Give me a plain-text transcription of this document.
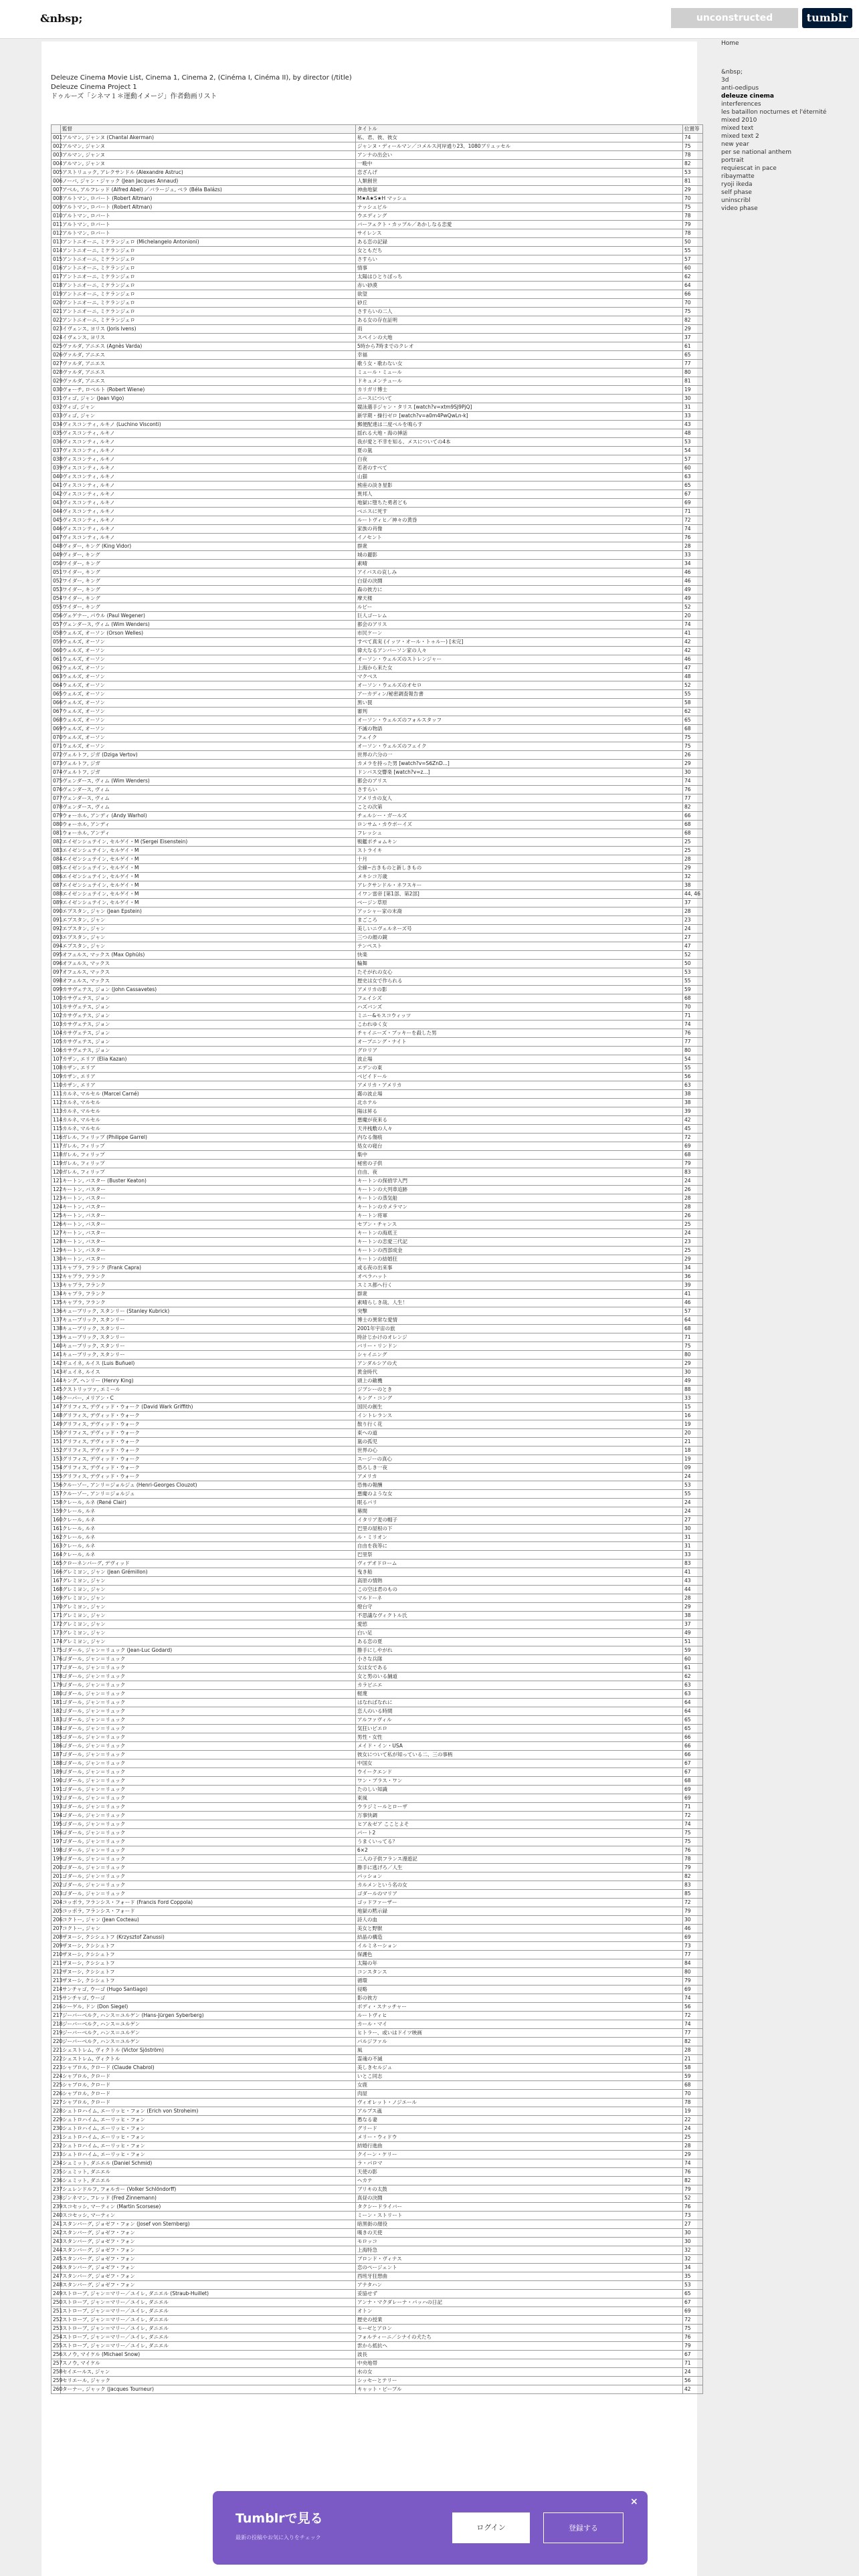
&nbsp;	unconstructed	tumblr
Deleuze Cinema Movie List, Cinema 1, Cinema 2, (Cinéma I, Cinéma II), by director (/title)
Deleuze Cinema Project 1
ドゥルーズ「シネマ１＊運動イメージ」作者動画リスト
	監督	タイトル	位置等
001	アルマン, ジャンヌ (Chantal Akerman)	私、君、彼、彼女	74
002	アルマン, ジャンヌ	ジャンヌ・ディールマン／コメルス河岸通り23、1080ブリュッセル	75
003	アルマン, ジャンヌ	アンナの出会い	78
004	アルマン, ジャンヌ	一晩中	82
005	アストリュック, アレクサンドル (Alexandre Astruc)	恋ざんげ	53
006	ノーバ, ジャン・ジャック (Jean Jacques Annaud)	人類創世	81
007	アベル, アルフレッド (Alfred Abel) ／バラージュ, ベラ (Béla Balázs)	神曲地獄	29
008	アルトマン, ロバート (Robert Altman)	M★A★S★H マッシュ	70
009	アルトマン, ロバート (Robert Altman)	ナッシュビル	75
010	アルトマン, ロバート	ウエディング	78
011	アルトマン, ロバート	バーフェクト・カップル／あかしなる恋愛	79
012	アルトマン, ロバート	サイレンス	78
013	アントニオーニ, ミケランジェロ (Michelangelo Antonioni)	ある恋の記録	50
014	アントニオーニ, ミケランジェロ	女ともだち	55
015	アントニオーニ, ミケランジェロ	さすらい	57
016	アントニオーニ, ミケランジェロ	情事	60
017	アントニオーニ, ミケランジェロ	太陽はひとりぼっち	62
018	アントニオーニ, ミケランジェロ	赤い砂漠	64
019	アントニオーニ, ミケランジェロ	欲望	66
020	アントニオーニ, ミケランジェロ	砂丘	70
021	アントニオーニ, ミケランジェロ	さすらいの二人	75
022	アントニオーニ, ミケランジェロ	ある女の存在証明	82
023	イヴェンス, ヨリス (Joris Ivens)	雨	29
024	イヴェンス, ヨリス	スペインの大地	37
025	ヴァルダ, アニエス (Agnès Varda)	5時から7時までのクレオ	61
026	ヴァルダ, アニエス	幸福	65
027	ヴァルダ, アニエス	歌う女・歌わない女	77
028	ヴァルダ, アニエス	ミュール・ミュール	80
029	ヴァルダ, アニエス	ドキュメンテュール	81
030	ヴォーチ, ロベルト (Robert Wiene)	カリガリ博士	19
031	ヴィゴ, ジャン (Jean Vigo)	ニースについて	30
032	ヴィゴ, ジャン	競泳選手ジャン・タリス [watch?v=xtm9SJ9PjQ]	31
033	ヴィゴ, ジャン	新学期・操行ゼロ [watch?v=a0m4PwQwLn-k]	33
034	ヴィスコンティ, ルキノ (Luchino Visconti)	郵便配達は二度ベルを鳴らす	43
035	ヴィスコンティ, ルキノ	揺れる大地・海の挿話	48
036	ヴィスコンティ, ルキノ	我が愛と不幸を知る、メスについての4本	53
037	ヴィスコンティ, ルキノ	夏の嵐	54
038	ヴィスコンティ, ルキノ	白夜	57
039	ヴィスコンティ, ルキノ	若者のすべて	60
040	ヴィスコンティ, ルキノ	山猫	63
041	ヴィスコンティ, ルキノ	熊座の淡き星影	65
042	ヴィスコンティ, ルキノ	異邦人	67
043	ヴィスコンティ, ルキノ	地獄に堕ちた勇者ども	69
044	ヴィスコンティ, ルキノ	ベニスに死す	71
045	ヴィスコンティ, ルキノ	ルートヴィヒ／神々の黄昏	72
046	ヴィスコンティ, ルキノ	家族の肖像	74
047	ヴィスコンティ, ルキノ	イノセント	76
048	ヴィダー, キング (King Vidor)	群衆	28
049	ヴィダー, キング	城の麗影	33
050	ワイダー, キング	素晴	34
051	ワイダー, キング	アイバスの哀しみ	46
052	ワイダー, キング	白昼の決闘	46
053	ワイダー, キング	森の彼方に	49
054	ワイダー, キング	摩天楼	49
055	ワイダー, キング	ルビー	52
056	ヴェゲナー, パウル (Paul Wegener)	巨人ゴーレム	20
057	ヴェンダース, ヴィム (Wim Wenders)	都会のアリス	74
058	ウェルズ, オーソン (Orson Welles)	市民ケーン	41
059	ウェルズ, オーソン	すべて真実 (イッツ・オール・トゥルー) [未完]	42
060	ウェルズ, オーソン	偉大なるアンバーソン家の人々	42
061	ウェルズ, オーソン	オーソン・ウェルズのストレンジャー	46
062	ウェルズ, オーソン	上海から来た女	47
063	ウェルズ, オーソン	マクベス	48
064	ウェルズ, オーソン	オーソン・ウェルズのオセロ	52
065	ウェルズ, オーソン	アーカディン/秘密調査報告書	55
066	ウェルズ, オーソン	黒い罠	58
067	ウェルズ, オーソン	審判	62
068	ウェルズ, オーソン	オーソン・ウェルズのフォルスタッフ	65
069	ウェルズ, オーソン	不滅の物語	68
070	ウェルズ, オーソン	フェイク	75
071	ウェルズ, オーソン	オーソン・ウェルズのフェイク	75
072	ヴェルトフ, ジガ (Dziga Vertov)	世界の六分の一	26
073	ヴェルトフ, ジガ	カメラを持った男 [watch?v=S6ZnD...]	29
074	ヴェルトフ, ジガ	ドンバス交響楽 [watch?v=z...]	30
075	ヴェンダース, ヴィム (Wim Wenders)	都会のアリス	74
076	ヴェンダース, ヴィム	さすらい	76
077	ヴェンダース, ヴィム	アメリカの友人	77
078	ヴェンダース, ヴィム	ことの次第	82
079	ウォーホル, アンディ (Andy Warhol)	チェルシー・ガールズ	66
080	ウォーホル, アンディ	ロンサム・カウボーイズ	68
081	ウォーホル, アンディ	フレッシュ	68
082	エイゼンシュテイン, セルゲイ・M (Sergei Eisenstein)	戦艦ポチョムキン	25
083	エイゼンシュテイン, セルゲイ・M	ストライキ	25
084	エイゼンシュテイン, セルゲイ・M	十月	28
085	エイゼンシュテイン, セルゲイ・M	全線−古きものと新しきもの	29
086	エイゼンシュテイン, セルゲイ・M	メキシコ万歳	32
087	エイゼンシュテイン, セルゲイ・M	アレクサンドル・ネフスキー	38
088	エイゼンシュテイン, セルゲイ・M	イワン雷帝 [第1部、第2部]	44, 46
089	エイゼンシュテイン, セルゲイ・M	ベージン草原	37
090	エプスタン, ジャン (Jean Epstein)	アッシャー家の末裔	28
091	エプスタン, ジャン	まごころ	23
092	エプスタン, ジャン	美しいニヴェルネーズ号	24
093	エプスタン, ジャン	三つの顔の鏡	27
094	エプスタン, ジャン	テンペスト	47
095	オフュルス, マックス (Max Ophüls)	快楽	52
096	オフュルス, マックス	輪舞	50
097	オフュルス, マックス	たそがれの女心	53
098	オフュルス, マックス	歴史は女で作られる	55
099	カサヴェテス, ジョン (John Cassavetes)	アメリカの影	59
100	カサヴェテス, ジョン	フェイシズ	68
101	カサヴェテス, ジョン	ハズバンズ	70
102	カサヴェテス, ジョン	ミニー&モスコウィッツ	71
103	カサヴェテス, ジョン	こわれゆく女	74
104	カサヴェテス, ジョン	チャイニーズ・ブッキーを殺した男	76
105	カサヴェテス, ジョン	オープニング・ナイト	77
106	カサヴェテス, ジョン	グロリア	80
107	カザン, エリア (Elia Kazan)	波止場	54
108	カザン, エリア	エデンの東	55
109	カザン, エリア	ベビイドール	56
110	カザン, エリア	アメリカ・アメリカ	63
111	カルネ, マルセル (Marcel Carné)	霧の波止場	38
112	カルネ, マルセル	北ホテル	38
113	カルネ, マルセル	陽は昇る	39
114	カルネ, マルセル	悪魔が夜来る	42
115	カルネ, マルセル	天井桟敷の人々	45
116	ガレル, フィリップ (Philippe Garrel)	内なる傷痕	72
117	ガレル, フィリップ	処女の寝台	69
118	ガレル, フィリップ	集中	68
119	ガレル, フィリップ	秘密の子供	79
120	ガレル, フィリップ	自由、夜	83
121	キートン, バスター (Buster Keaton)	キートンの探偵学入門	24
122	キートン, バスター	キートンの大列車追跡	26
123	キートン, バスター	キートンの蒸気船	28
124	キートン, バスター	キートンのカメラマン	28
125	キートン, バスター	キートン将軍	26
126	キートン, バスター	セブン・チャンス	25
127	キートン, バスター	キートンの海底王	24
128	キートン, バスター	キートンの恋愛三代記	23
129	キートン, バスター	キートンの西部成金	25
130	キートン, バスター	キートンの結婚狂	29
131	キャプラ, フランク (Frank Capra)	或る夜の出来事	34
132	キャプラ, フランク	オペラハット	36
133	キャプラ, フランク	スミス都へ行く	39
134	キャプラ, フランク	群衆	41
135	キャプラ, フランク	素晴らしき哉、人生！	46
136	キューブリック, スタンリー (Stanley Kubrick)	突撃	57
137	キューブリック, スタンリー	博士の異常な愛情	64
138	キューブリック, スタンリー	2001年宇宙の旅	68
139	キューブリック, スタンリー	時計じかけのオレンジ	71
140	キューブリック, スタンリー	バリー・リンドン	75
141	キューブリック, スタンリー	シャイニング	80
142	ギュイネ, ルイス (Luis Buñuel)	アンダルシアの犬	29
143	ギュイネ, ルイス	黄金時代	30
144	キング, ヘンリー (Henry King)	頭上の敵機	49
145	クストリッツァ, エミール	ジプシーのとき	88
146	クーパー, メリアン・C	キング・コング	33
147	グリフィス, デヴィッド・ウォーク (David Wark Griffith)	国民の創生	15
148	グリフィス, デヴィッド・ウォーク	イントレランス	16
149	グリフィス, デヴィッド・ウォーク	散り行く花	19
150	グリフィス, デヴィッド・ウォーク	東への道	20
151	グリフィス, デヴィッド・ウォーク	嵐の孤児	21
152	グリフィス, デヴィッド・ウォーク	世界の心	18
153	グリフィス, デヴィッド・ウォーク	スージーの真心	19
154	グリフィス, デヴィッド・ウォーク	恐ろしき一夜	09
155	グリフィス, デヴィッド・ウォーク	アメリカ	24
156	クルーゾー, アンリ＝ジョルジュ (Henri-Georges Clouzot)	恐怖の報酬	53
157	クルーゾー, アンリ＝ジョルジュ	悪魔のような女	55
158	クレール, ルネ (René Clair)	眠るパリ	24
159	クレール, ルネ	幕間	24
160	クレール, ルネ	イタリア麦の帽子	27
161	クレール, ルネ	巴里の屋根の下	30
162	クレール, ルネ	ル・ミリオン	31
163	クレール, ルネ	自由を我等に	31
164	クレール, ルネ	巴里祭	33
165	クローネンバーグ, デヴィッド	ヴィデオドローム	83
166	グレミヨン, ジャン (Jean Grémillon)	曳き船	41
167	グレミヨン, ジャン	高原の情熱	43
168	グレミヨン, ジャン	この空は君のもの	44
169	グレミヨン, ジャン	マルドーネ	28
170	グレミヨン, ジャン	燈台守	29
171	グレミヨン, ジャン	不思議なヴィクトル氏	38
172	グレミヨン, ジャン	愛慾	37
173	グレミヨン, ジャン	白い足	49
174	グレミヨン, ジャン	ある恋の夏	51
175	ゴダール, ジャン＝リュック (Jean-Luc Godard)	勝手にしやがれ	59
176	ゴダール, ジャン＝リュック	小さな兵隊	60
177	ゴダール, ジャン＝リュック	女は女である	61
178	ゴダール, ジャン＝リュック	女と男のいる舗道	62
179	ゴダール, ジャン＝リュック	カラビニエ	63
180	ゴダール, ジャン＝リュック	軽蔑	63
181	ゴダール, ジャン＝リュック	はなればなれに	64
182	ゴダール, ジャン＝リュック	恋人のいる時間	64
183	ゴダール, ジャン＝リュック	アルファヴィル	65
184	ゴダール, ジャン＝リュック	気狂いピエロ	65
185	ゴダール, ジャン＝リュック	男性・女性	66
186	ゴダール, ジャン＝リュック	メイド・イン・USA	66
187	ゴダール, ジャン＝リュック	彼女について私が知っている二、三の事柄	66
188	ゴダール, ジャン＝リュック	中国女	67
189	ゴダール, ジャン＝リュック	ウイークエンド	67
190	ゴダール, ジャン＝リュック	ワン・プラス・ワン	68
191	ゴダール, ジャン＝リュック	たのしい知識	69
192	ゴダール, ジャン＝リュック	東風	69
193	ゴダール, ジャン＝リュック	ウラジミールとローザ	71
194	ゴダール, ジャン＝リュック	万事快調	72
195	ゴダール, ジャン＝リュック	ヒア＆ゼア こことよそ	74
196	ゴダール, ジャン＝リュック	パート2	75
197	ゴダール, ジャン＝リュック	うまくいってる？	75
198	ゴダール, ジャン＝リュック	6×2	76
199	ゴダール, ジャン＝リュック	二人の子供フランス漫遊記	78
200	ゴダール, ジャン＝リュック	勝手に逃げろ／人生	79
201	ゴダール, ジャン＝リュック	パッション	82
202	ゴダール, ジャン＝リュック	カルメンという名の女	83
203	ゴダール, ジャン＝リュック	ゴダールのマリア	85
204	コッポラ, フランシス・フォード (Francis Ford Coppola)	ゴッドファーザー	72
205	コッポラ, フランシス・フォード	地獄の黙示録	79
206	コクトー, ジャン (Jean Cocteau)	詩人の血	30
207	コクトー, ジャン	美女と野獣	46
208	ザヌーシ, クシシュトフ (Krzysztof Zanussi)	結晶の構造	69
209	ザヌーシ, クシシュトフ	イルミネーション	73
210	ザヌーシ, クシシュトフ	保護色	77
211	ザヌーシ, クシシュトフ	太陽の年	84
212	ザヌーシ, クシシュトフ	コンスタンス	80
213	ザヌーシ, クシシュトフ	循環	79
214	サンチャゴ, ウーゴ (Hugo Santiago)	侵略	69
215	サンチャゴ, ウーゴ	影の彼方	74
216	シーゲル, ドン (Don Siegel)	ボディ・スナッチャー	56
217	ジーバーベルク, ハンス＝ユルゲン (Hans-Jürgen Syberberg)	ルートヴィヒ	72
218	ジーバーベルク, ハンス＝ユルゲン	カール・マイ	74
219	ジーバーベルク, ハンス＝ユルゲン	ヒトラー、或いはドイツ映画	77
220	ジーバーベルク, ハンス＝ユルゲン	パルジファル	82
221	シェストレム, ヴィクトル (Victor Sjöström)	風	28
222	シェストレム, ヴィクトル	霊魂の不滅	21
223	シャブロル, クロード (Claude Chabrol)	美しきセルジュ	58
224	シャブロル, クロード	いとこ同志	59
225	シャブロル, クロード	女鹿	68
226	シャブロル, クロード	肉屋	70
227	シャブロル, クロード	ヴィオレット・ノジエール	78
228	シュトロハイム, エーリッヒ・フォン (Erich von Stroheim)	アルプス颪	19
229	シュトロハイム, エーリッヒ・フォン	愚なる妻	22
230	シュトロハイム, エーリッヒ・フォン	グリード	24
231	シュトロハイム, エーリッヒ・フォン	メリー・ウィドウ	25
232	シュトロハイム, エーリッヒ・フォン	結婚行進曲	28
233	シュトロハイム, エーリッヒ・フォン	クイーン・ケリー	29
234	シュミット, ダニエル (Daniel Schmid)	ラ・パロマ	74
235	シュミット, ダニエル	天使の影	76
236	シュミット, ダニエル	ヘカテ	82
237	シュレンドルフ, フォルカー (Volker Schlöndorff)	ブリキの太鼓	79
238	ジンネマン, フレッド (Fred Zinnemann)	真昼の決闘	52
239	スコセッシ, マーティン (Martin Scorsese)	タクシードライバー	76
240	スコセッシ, マーティン	ミーン・ストリート	73
241	スタンバーグ, ジョゼフ・フォン (Josef von Sternberg)	暗黒街の顔役	27
242	スタンバーグ, ジョゼフ・フォン	嘆きの天使	30
243	スタンバーグ, ジョゼフ・フォン	モロッコ	30
244	スタンバーグ, ジョゼフ・フォン	上海特急	32
245	スタンバーグ, ジョゼフ・フォン	ブロンド・ヴィナス	32
246	スタンバーグ, ジョゼフ・フォン	恋のページェント	34
247	スタンバーグ, ジョゼフ・フォン	西班牙狂想曲	35
248	スタンバーグ, ジョゼフ・フォン	アナタハン	53
249	ストローブ, ジャン＝マリー／ユイレ, ダニエル (Straub-Huillet)	妥協せず	65
250	ストローブ, ジャン＝マリー／ユイレ, ダニエル	アンナ・マクダレーナ・バッハの日記	67
251	ストローブ, ジャン＝マリー／ユイレ, ダニエル	オトン	69
252	ストローブ, ジャン＝マリー／ユイレ, ダニエル	歴史の授業	72
253	ストローブ, ジャン＝マリー／ユイレ, ダニエル	モーゼとアロン	75
254	ストローブ, ジャン＝マリー／ユイレ, ダニエル	フォルティーニ／シナイの犬たち	76
255	ストローブ, ジャン＝マリー／ユイレ, ダニエル	雲から抵抗へ	79
256	スノウ, マイケル (Michael Snow)	波長	67
257	スノウ, マイケル	中央地帯	71
258	セイエールス, ジャン	水の女	24
259	セリエール, ジャック	シッセーとテリー	56
260	ターナー, ジャック (Jacques Tourneur)	キャット・ピープル	42
Home
&nbsp;
3d
anti-oedipus
deleuze cinema
interferences
les bataillon nocturnes et l'éternité
mixed 2010
mixed text
mixed text 2
new year
per se national anthem
portrait
requiescat in pace
ribaymatte
ryoji ikeda
self phase
uninscribl
video phase
Tumblrで見る
最新の投稿やお気に入りをチェック
×
ログイン	登録する
